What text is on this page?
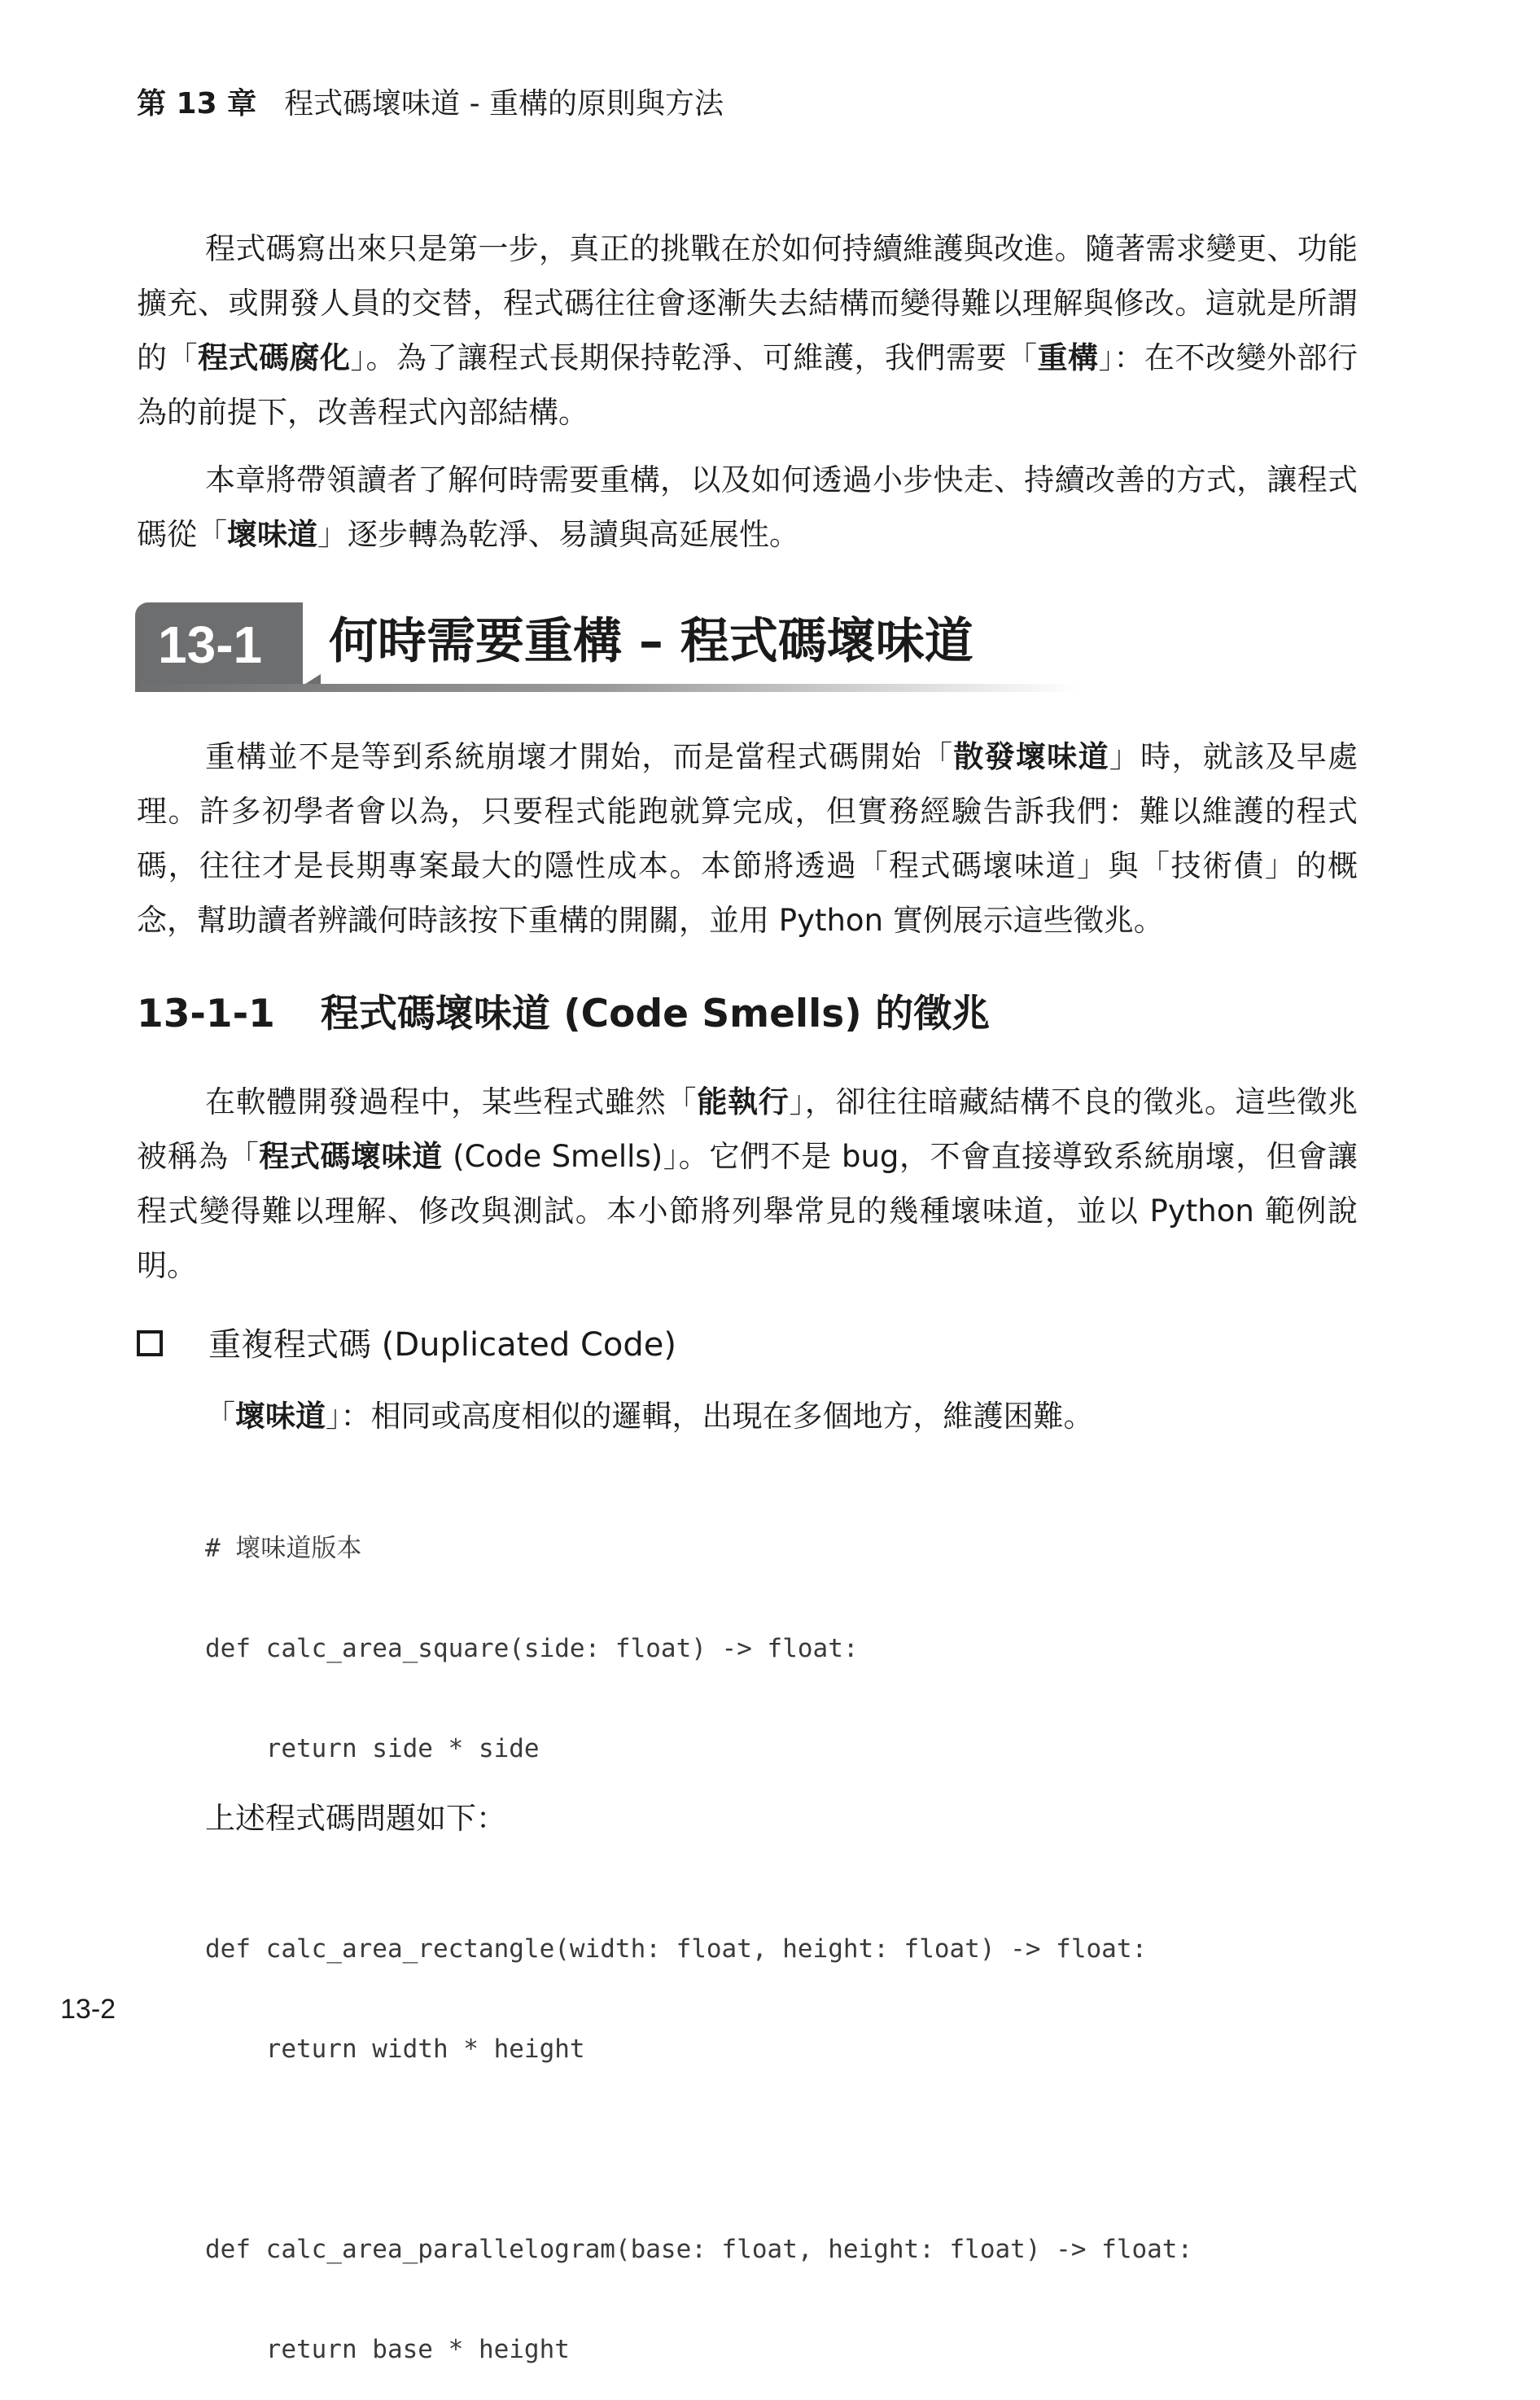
第 13 章 程式碼壞味道 - 重構的原則與方法

程式碼寫出來只是第一步，真正的挑戰在於如何持續維護與改進。隨著需求變更、功能擴充、或開發人員的交替，程式碼往往會逐漸失去結構而變得難以理解與修改。這就是所謂的「程式碼腐化」。為了讓程式長期保持乾淨、可維護，我們需要「重構」：在不改變外部行為的前提下，改善程式內部結構。

本章將帶領讀者了解何時需要重構，以及如何透過小步快走、持續改善的方式，讓程式碼從「壞味道」逐步轉為乾淨、易讀與高延展性。

13-1 何時需要重構 – 程式碼壞味道

重構並不是等到系統崩壞才開始，而是當程式碼開始「散發壞味道」時，就該及早處理。許多初學者會以為，只要程式能跑就算完成，但實務經驗告訴我們：難以維護的程式碼，往往才是長期專案最大的隱性成本。本節將透過「程式碼壞味道」與「技術債」的概念，幫助讀者辨識何時該按下重構的開關，並用 Python 實例展示這些徵兆。

13-1-1 程式碼壞味道 (Code Smells) 的徵兆

在軟體開發過程中，某些程式雖然「能執行」，卻往往暗藏結構不良的徵兆。這些徵兆被稱為「程式碼壞味道 (Code Smells)」。它們不是 bug，不會直接導致系統崩壞，但會讓程式變得難以理解、修改與測試。本小節將列舉常見的幾種壞味道，並以 Python 範例說明。

重複程式碼 (Duplicated Code)
「壞味道」：相同或高度相似的邏輯，出現在多個地方，維護困難。

# 壞味道版本

def calc_area_square(side: float) -> float:

return side * side

def calc_area_rectangle(width: float, height: float) -> float:

return width * height

def calc_area_parallelogram(base: float, height: float) -> float:

return base * height

上述程式碼問題如下：
13-2
